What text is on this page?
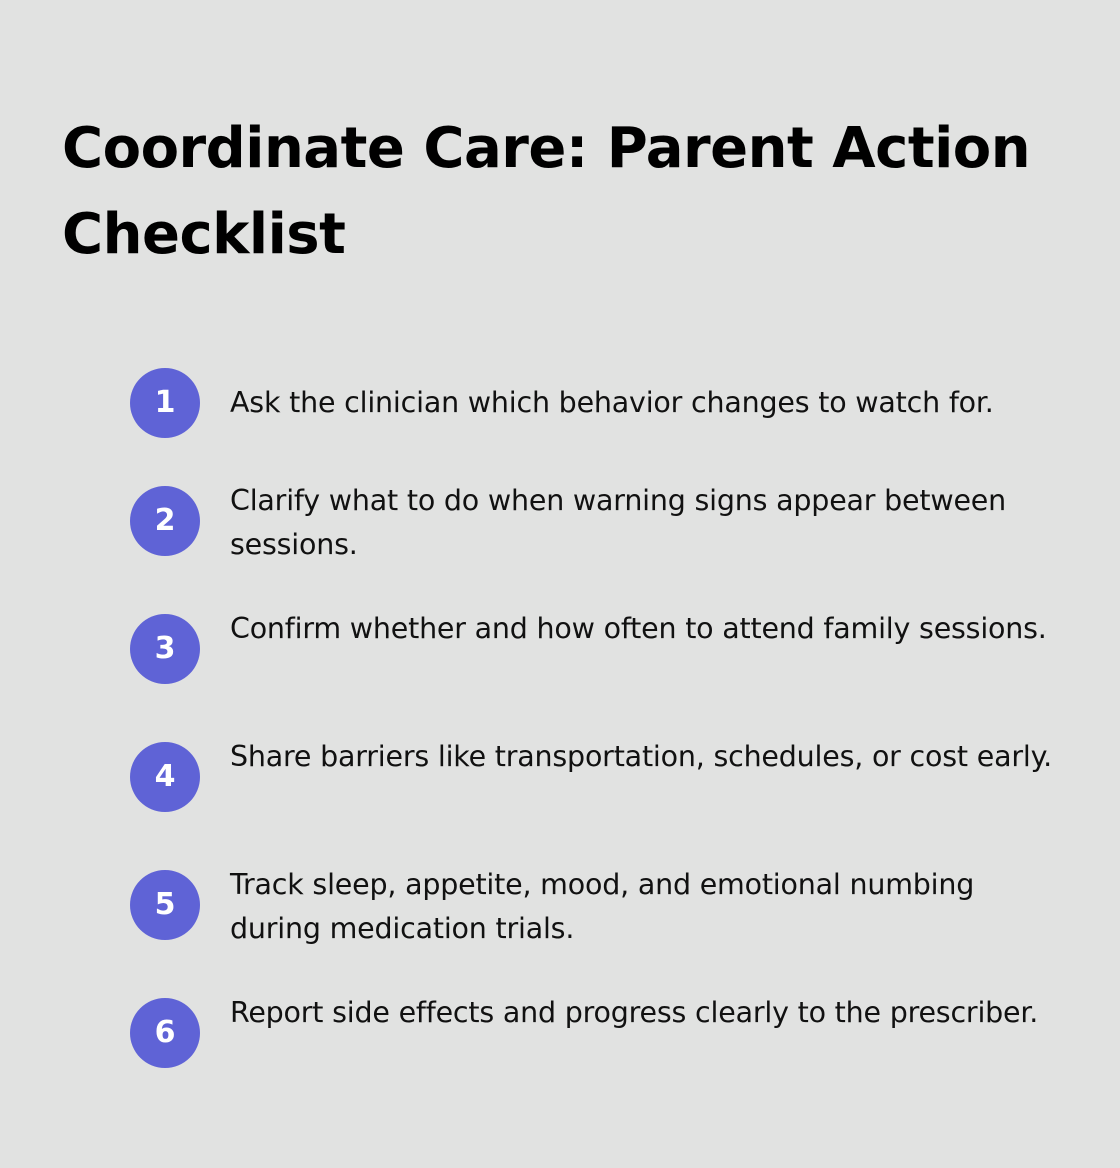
Coordinate Care: Parent Action Checklist
1	Ask the clinician which behavior changes to watch for.
2
Clarify what to do when warning signs appear between sessions.
3
Confirm whether and how often to attend family sessions.
4
Share barriers like transportation, schedules, or cost early.
5
Track sleep, appetite, mood, and emotional numbing during medication trials.
6
Report side effects and progress clearly to the prescriber.
